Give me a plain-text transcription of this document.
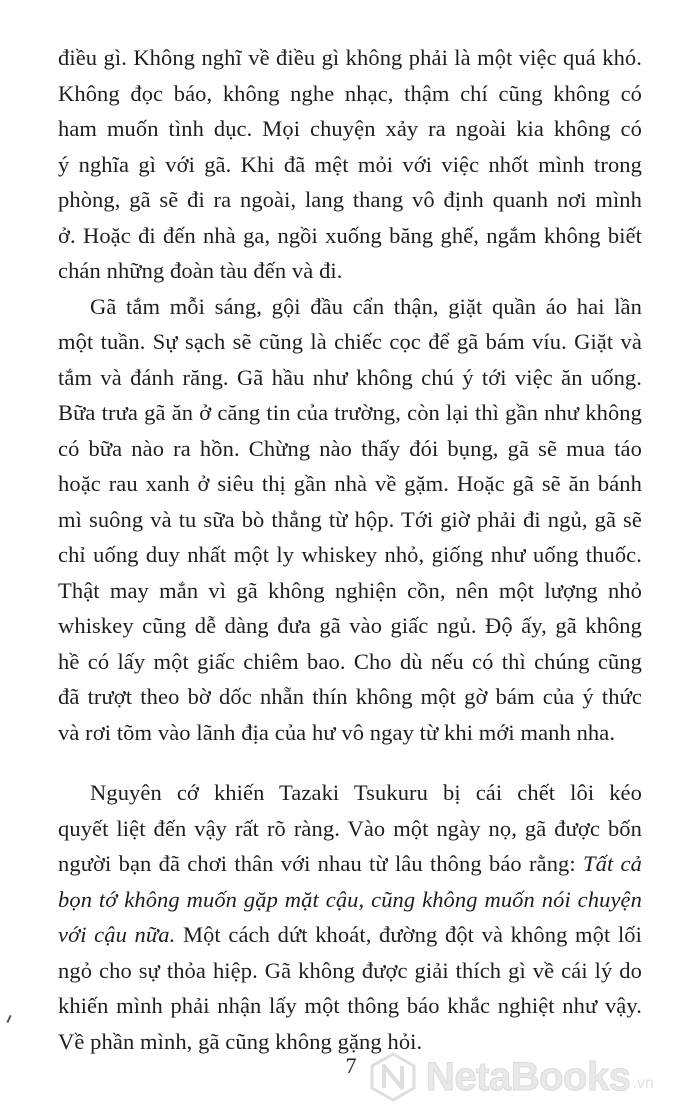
điều gì. Không nghĩ về điều gì không phải là một việc quá khó.
Không đọc báo, không nghe nhạc, thậm chí cũng không có
ham muốn tình dục. Mọi chuyện xảy ra ngoài kia không có
ý nghĩa gì với gã. Khi đã mệt mỏi với việc nhốt mình trong
phòng, gã sẽ đi ra ngoài, lang thang vô định quanh nơi mình
ở. Hoặc đi đến nhà ga, ngồi xuống băng ghế, ngắm không biết
chán những đoàn tàu đến và đi.
Gã tắm mỗi sáng, gội đầu cẩn thận, giặt quần áo hai lần
một tuần. Sự sạch sẽ cũng là chiếc cọc để gã bám víu. Giặt và
tắm và đánh răng. Gã hầu như không chú ý tới việc ăn uống.
Bữa trưa gã ăn ở căng tin của trường, còn lại thì gần như không
có bữa nào ra hồn. Chừng nào thấy đói bụng, gã sẽ mua táo
hoặc rau xanh ở siêu thị gần nhà về gặm. Hoặc gã sẽ ăn bánh
mì suông và tu sữa bò thẳng từ hộp. Tới giờ phải đi ngủ, gã sẽ
chỉ uống duy nhất một ly whiskey nhỏ, giống như uống thuốc.
Thật may mắn vì gã không nghiện cồn, nên một lượng nhỏ
whiskey cũng dễ dàng đưa gã vào giấc ngủ. Độ ấy, gã không
hề có lấy một giấc chiêm bao. Cho dù nếu có thì chúng cũng
đã trượt theo bờ dốc nhẵn thín không một gờ bám của ý thức
và rơi tõm vào lãnh địa của hư vô ngay từ khi mới manh nha.
Nguyên cớ khiến Tazaki Tsukuru bị cái chết lôi kéo
quyết liệt đến vậy rất rõ ràng. Vào một ngày nọ, gã được bốn
người bạn đã chơi thân với nhau từ lâu thông báo rằng: Tất cả
bọn tớ không muốn gặp mặt cậu, cũng không muốn nói chuyện
với cậu nữa. Một cách dứt khoát, đường đột và không một lối
ngỏ cho sự thỏa hiệp. Gã không được giải thích gì về cái lý do
khiến mình phải nhận lấy một thông báo khắc nghiệt như vậy.
Về phần mình, gã cũng không gặng hỏi.
7 NetaBooks .vn
